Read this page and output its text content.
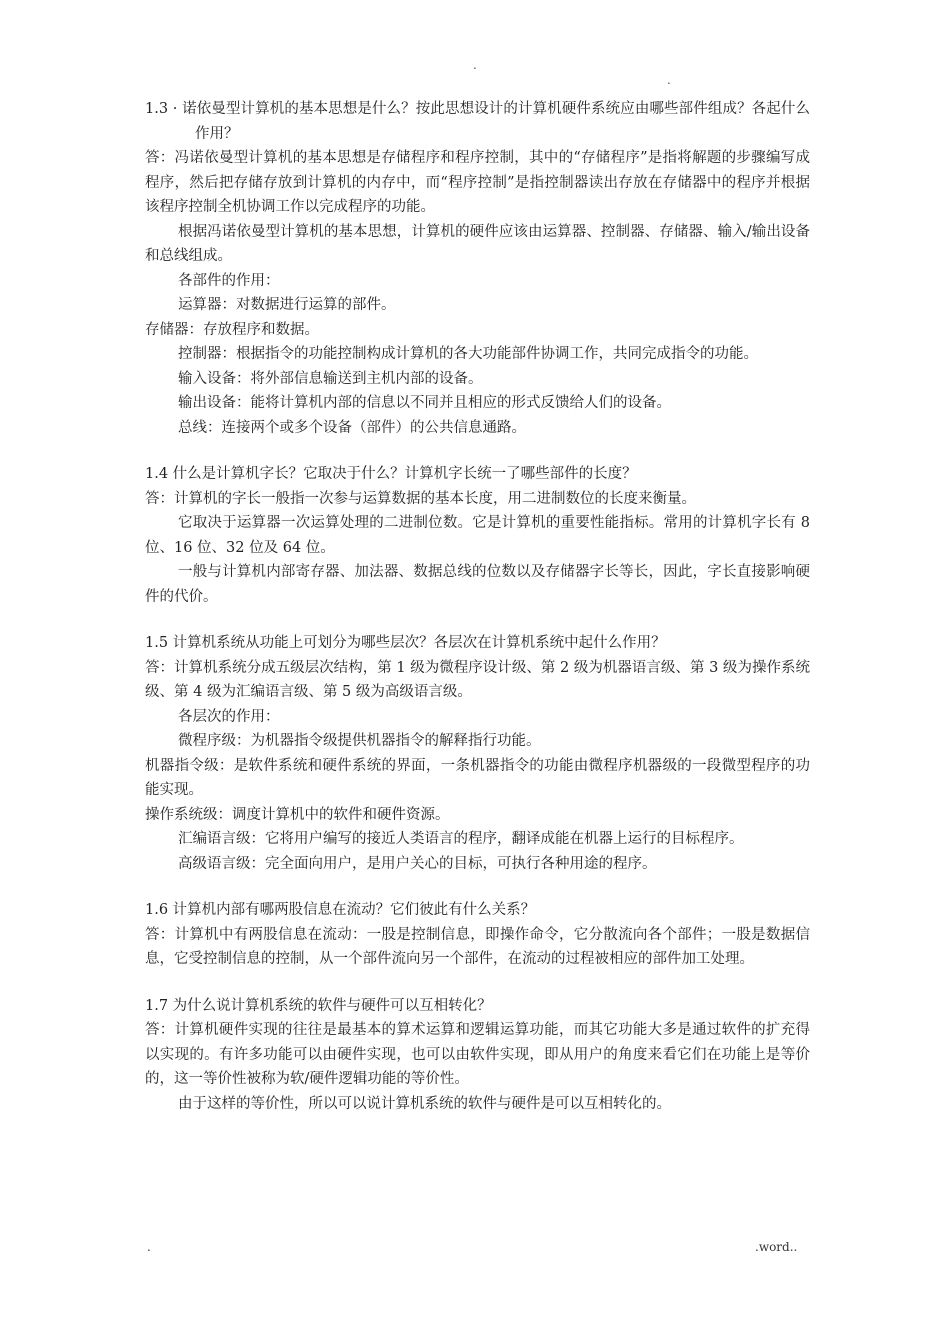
.
.

1.3 · 诺依曼型计算机的基本思想是什么？按此思想设计的计算机硬件系统应由哪些部件组成？各起什么作用？

答：冯诺依曼型计算机的基本思想是存储程序和程序控制，其中的“存储程序”是指将解题的步骤编写成程序，然后把存储存放到计算机的内存中，而“程序控制”是指控制器读出存放在存储器中的程序并根据该程序控制全机协调工作以完成程序的功能。

根据冯诺依曼型计算机的基本思想，计算机的硬件应该由运算器、控制器、存储器、输入/输出设备和总线组成。

各部件的作用：

运算器：对数据进行运算的部件。

存储器：存放程序和数据。

控制器：根据指令的功能控制构成计算机的各大功能部件协调工作，共同完成指令的功能。

输入设备：将外部信息输送到主机内部的设备。

输出设备：能将计算机内部的信息以不同并且相应的形式反馈给人们的设备。

总线：连接两个或多个设备（部件）的公共信息通路。

1.4 什么是计算机字长？它取决于什么？计算机字长统一了哪些部件的长度？

答：计算机的字长一般指一次参与运算数据的基本长度，用二进制数位的长度来衡量。

它取决于运算器一次运算处理的二进制位数。它是计算机的重要性能指标。常用的计算机字长有 8 位、16 位、32 位及 64 位。

一般与计算机内部寄存器、加法器、数据总线的位数以及存储器字长等长，因此，字长直接影响硬件的代价。

1.5 计算机系统从功能上可划分为哪些层次？各层次在计算机系统中起什么作用？

答：计算机系统分成五级层次结构，第 1 级为微程序设计级、第 2 级为机器语言级、第 3 级为操作系统级、第 4 级为汇编语言级、第 5 级为高级语言级。

各层次的作用：

微程序级：为机器指令级提供机器指令的解释指行功能。

机器指令级：是软件系统和硬件系统的界面，一条机器指令的功能由微程序机器级的一段微型程序的功能实现。

操作系统级：调度计算机中的软件和硬件资源。

汇编语言级：它将用户编写的接近人类语言的程序，翻译成能在机器上运行的目标程序。

高级语言级：完全面向用户，是用户关心的目标，可执行各种用途的程序。

1.6 计算机内部有哪两股信息在流动？它们彼此有什么关系？

答：计算机中有两股信息在流动：一股是控制信息，即操作命令，它分散流向各个部件；一股是数据信息，它受控制信息的控制，从一个部件流向另一个部件，在流动的过程被相应的部件加工处理。

1.7 为什么说计算机系统的软件与硬件可以互相转化？

答：计算机硬件实现的往往是最基本的算术运算和逻辑运算功能，而其它功能大多是通过软件的扩充得以实现的。有许多功能可以由硬件实现，也可以由软件实现，即从用户的角度来看它们在功能上是等价的，这一等价性被称为软/硬件逻辑功能的等价性。

由于这样的等价性，所以可以说计算机系统的软件与硬件是可以互相转化的。

.	.word..
